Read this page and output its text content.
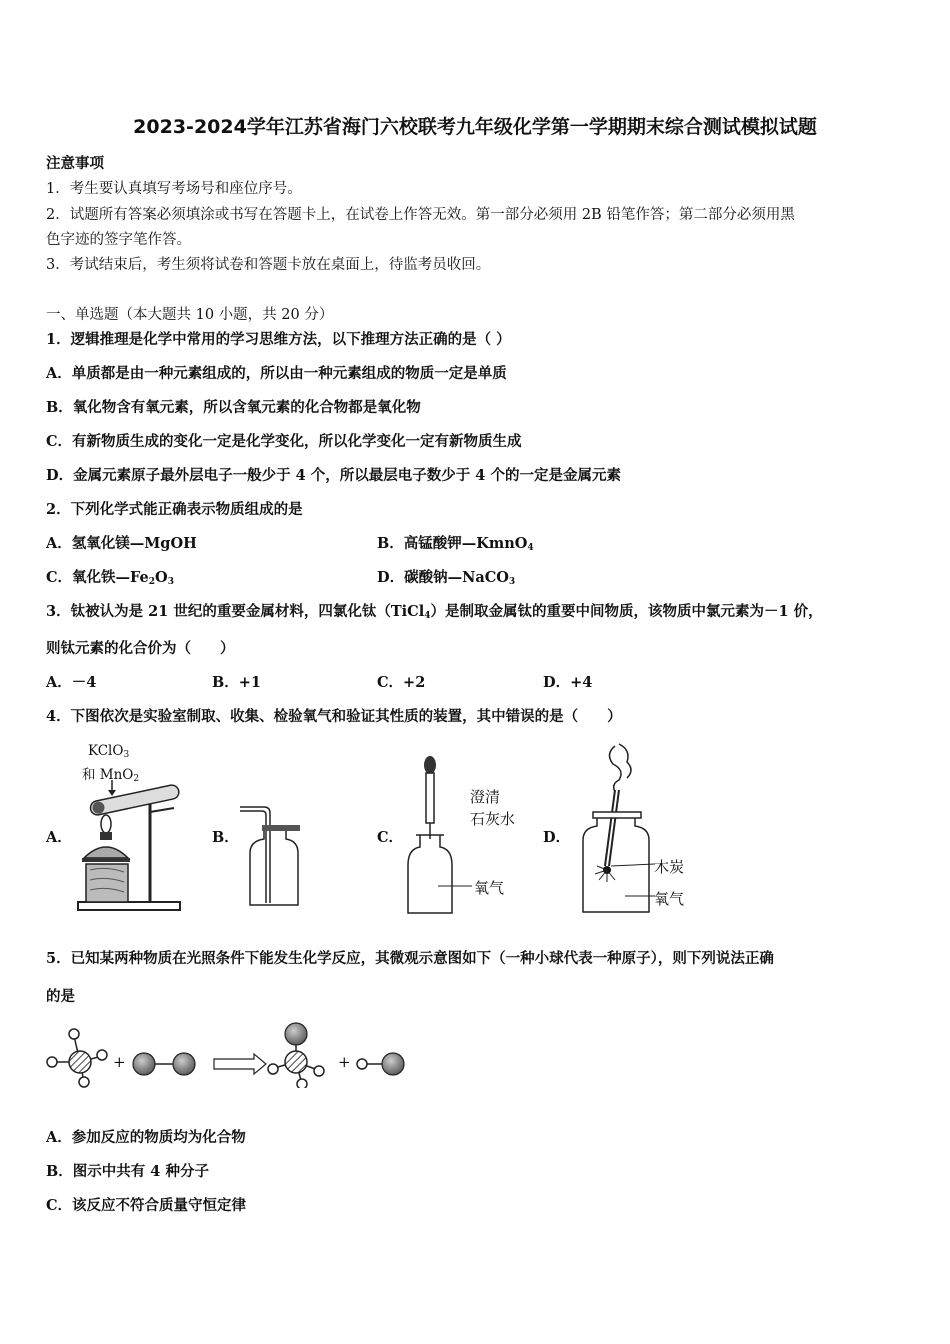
2023-2024学年江苏省海门六校联考九年级化学第一学期期末综合测试模拟试题
注意事项
1．考生要认真填写考场号和座位序号。
2．试题所有答案必须填涂或书写在答题卡上，在试卷上作答无效。第一部分必须用 2B 铅笔作答；第二部分必须用黑
色字迹的签字笔作答。
3．考试结束后，考生须将试卷和答题卡放在桌面上，待监考员收回。
一、单选题（本大题共 10 小题，共 20 分）
1．逻辑推理是化学中常用的学习思维方法，以下推理方法正确的是（ ）
A．单质都是由一种元素组成的，所以由一种元素组成的物质一定是单质
B．氧化物含有氧元素，所以含氧元素的化合物都是氧化物
C．有新物质生成的变化一定是化学变化，所以化学变化一定有新物质生成
D．金属元素原子最外层电子一般少于 4 个，所以最层电子数少于 4 个的一定是金属元素
2．下列化学式能正确表示物质组成的是
A．氢氧化镁—MgOH	B．高锰酸钾—KmnO$_4$
C．氧化铁$—Fe_2O_3$	D．碳酸钠—NaCO$_3$
3．钛被认为是 21 世纪的重要金属材料，四氯化钛（TiCl$_4$）是制取金属钛的重要中间物质，该物质中氯元素为－1 价，
则钛元素的化合价为（　　）
A．－4	B．+1	C．+2	D．+4
4．下图依次是实验室制取、收集、检验氧气和验证其性质的装置，其中错误的是（　　）
A．	B．	C．	D．
KClO$_3$
和 MnO$_2$
澄清
石灰水
氧气
木炭
氧气
5．已知某两种物质在光照条件下能发生化学反应，其微观示意图如下（一种小球代表一种原子），则下列说法正确
的是
+	+
A．参加反应的物质均为化合物
B．图示中共有 4 种分子
C．该反应不符合质量守恒定律
